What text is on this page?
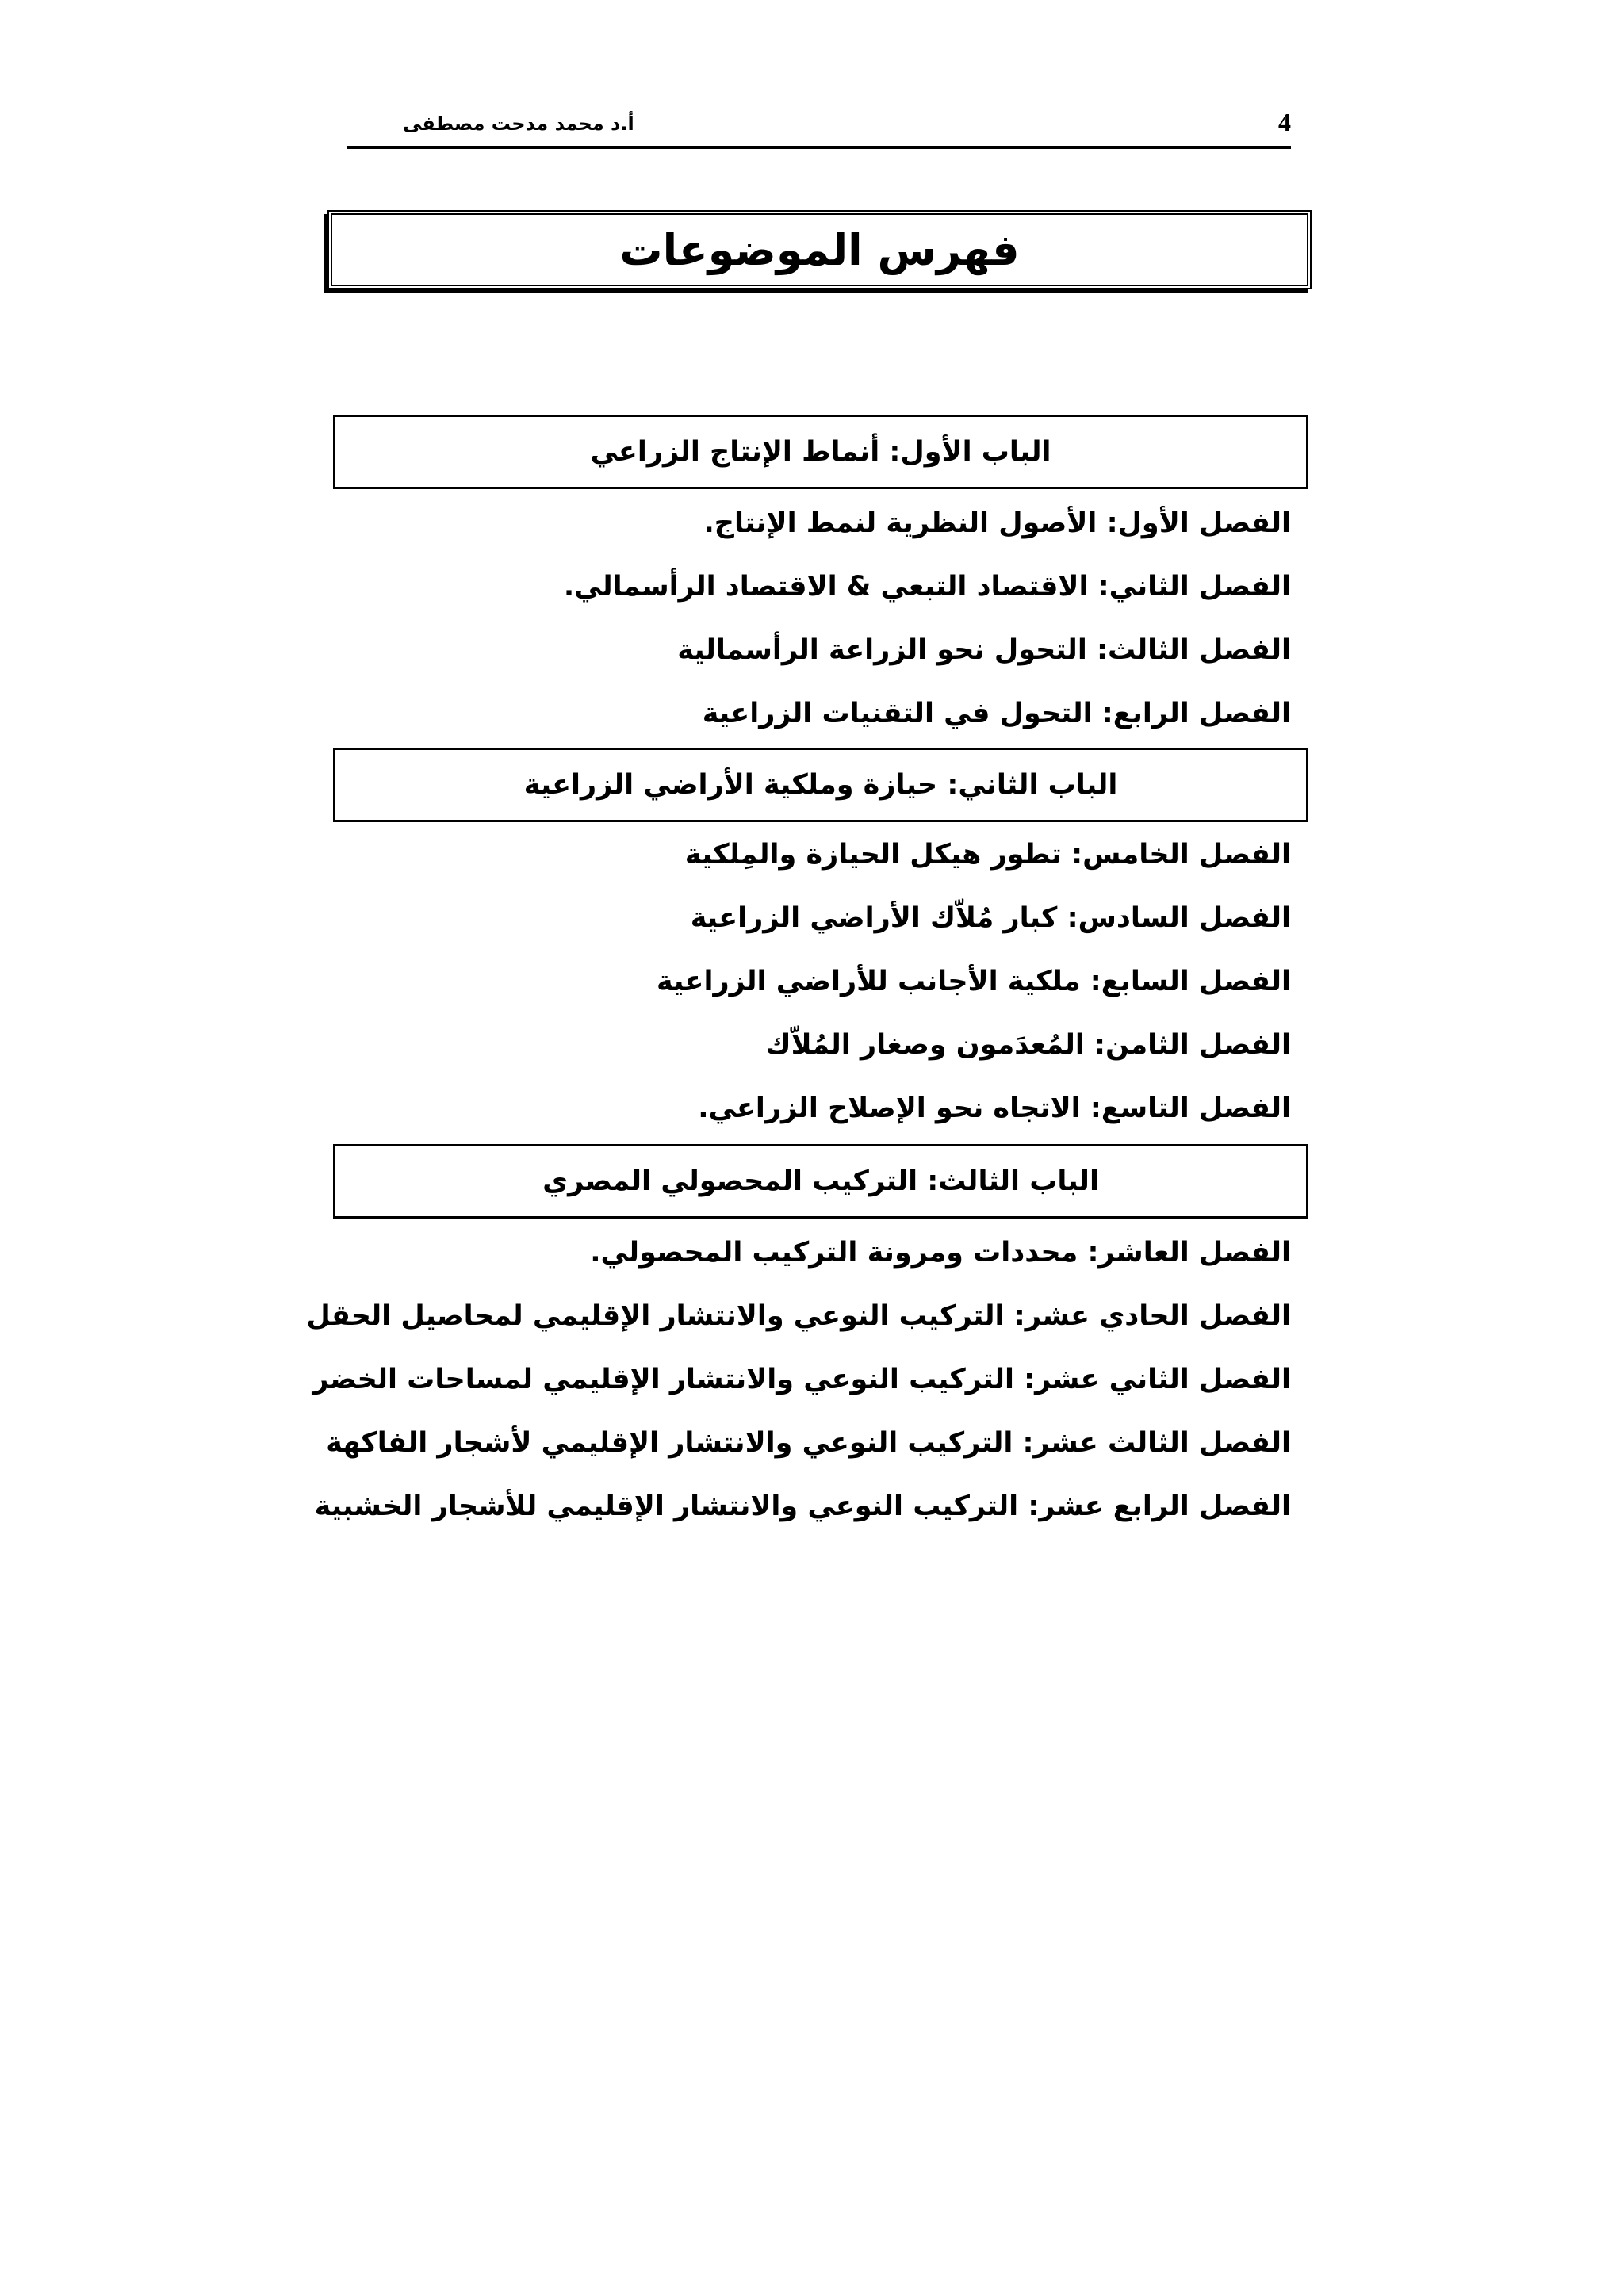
4
أ.د محمد مدحت مصطفى
فهرس الموضوعات
الباب الأول: أنماط الإنتاج الزراعي
الفصل الأول: الأصول النظرية لنمط الإنتاج.
الفصل الثاني: الاقتصاد التبعي & الاقتصاد الرأسمالي.
الفصل الثالث: التحول نحو الزراعة الرأسمالية
الفصل الرابع: التحول في التقنيات الزراعية
الباب الثاني: حيازة وملكية الأراضي الزراعية
الفصل الخامس: تطور هيكل الحيازة والمِلكية
الفصل السادس: كبار مُلاّك الأراضي الزراعية
الفصل السابع: ملكية الأجانب للأراضي الزراعية
الفصل الثامن: المُعدَمون وصغار المُلاّك
الفصل التاسع: الاتجاه نحو الإصلاح الزراعي.
الباب الثالث: التركيب المحصولي المصري
الفصل العاشر: محددات ومرونة التركيب المحصولي.
الفصل الحادي عشر: التركيب النوعي والانتشار الإقليمي لمحاصيل الحقل
الفصل الثاني عشر: التركيب النوعي والانتشار الإقليمي لمساحات الخضر
الفصل الثالث عشر: التركيب النوعي والانتشار الإقليمي لأشجار الفاكهة
الفصل الرابع عشر: التركيب النوعي والانتشار الإقليمي للأشجار الخشبية
